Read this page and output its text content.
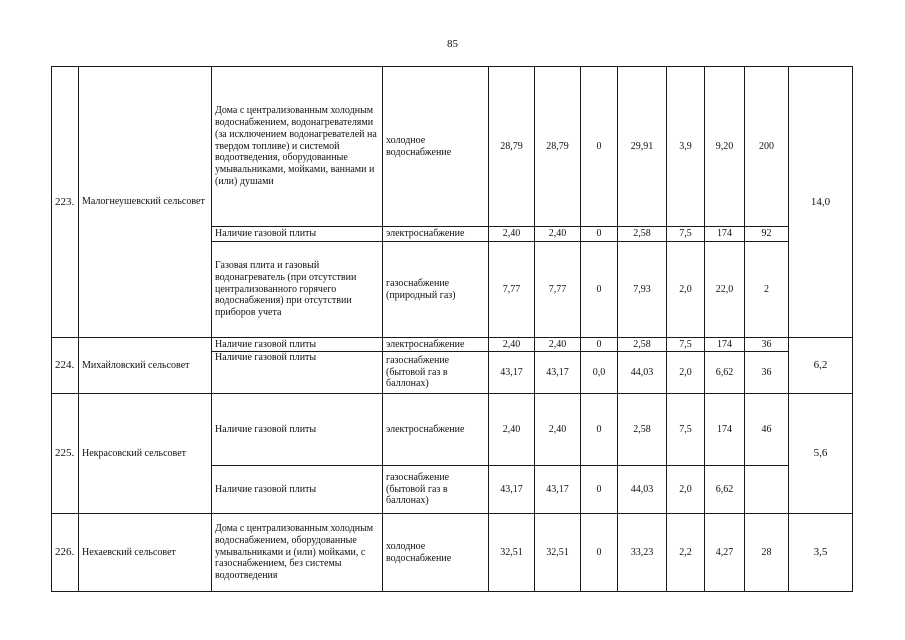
85
223.	Малогнеушевский сельсовет	Дома с централизованным холодным водоснабжением, водонагревателями (за исключением водонагревателей на твердом топливе) и системой водоотведения, оборудованные умывальниками, мойками, ваннами и (или) душами	холодное водоснабжение	28,79	28,79	0	29,91	3,9	9,20	200	14,0
		Наличие газовой плиты	электроснабжение	2,40	2,40	0	2,58	7,5	174	92	
		Газовая плита и газовый водонагреватель (при отсутствии централизованного горячего водоснабжения) при отсутствии приборов учета	газоснабжение (природный газ)	7,77	7,77	0	7,93	2,0	22,0	2	
224.	Михайловский сельсовет	Наличие газовой плиты	электроснабжение	2,40	2,40	0	2,58	7,5	174	36	6,2
		Наличие газовой плиты	газоснабжение (бытовой газ в баллонах)	43,17	43,17	0,0	44,03	2,0	6,62	36	
225.	Некрасовский сельсовет	Наличие газовой плиты	электроснабжение	2,40	2,40	0	2,58	7,5	174	46	5,6
		Наличие газовой плиты	газоснабжение (бытовой газ в баллонах)	43,17	43,17	0	44,03	2,0	6,62		
226.	Нехаевский сельсовет	Дома с централизованным холодным водоснабжением, оборудованные умывальниками и (или) мойками, с газоснабжением, без системы водоотведения	холодное водоснабжение	32,51	32,51	0	33,23	2,2	4,27	28	3,5
